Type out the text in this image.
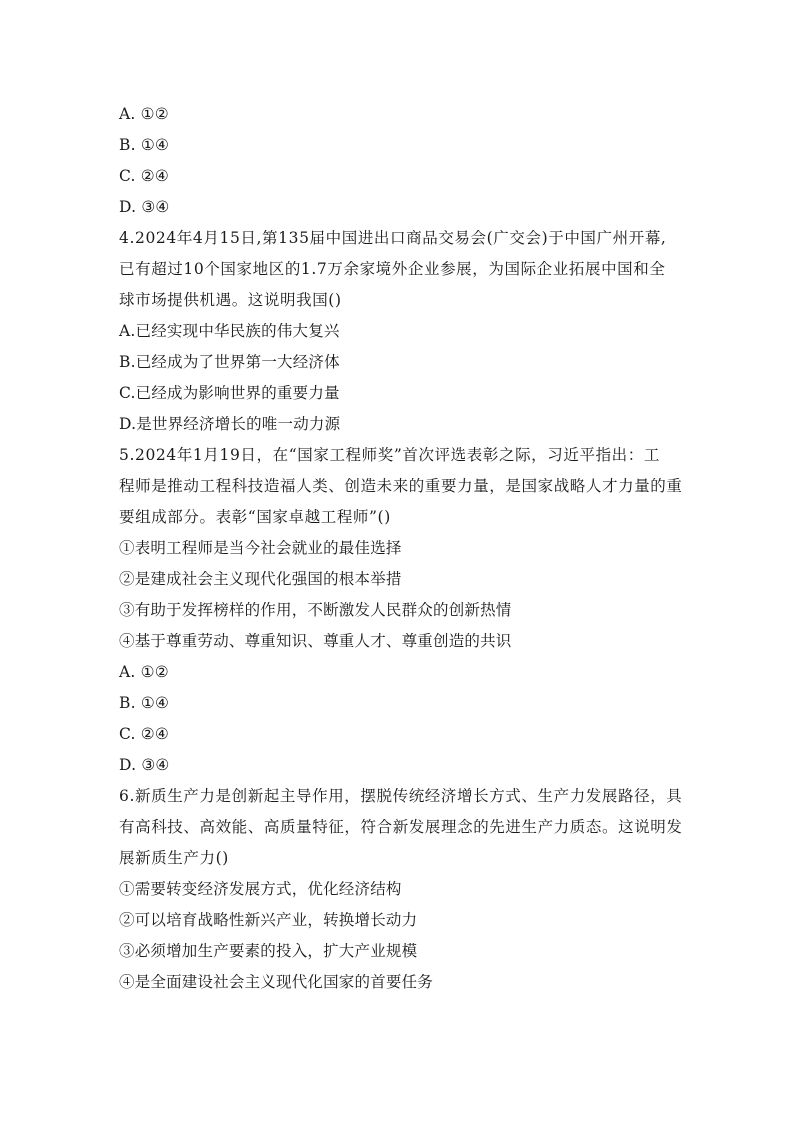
A. ①②
B. ①④
C. ②④
D. ③④
4.2024年4月15日,第135届中国进出口商品交易会(广交会)于中国广州开幕,
已有超过10个国家地区的1.7万余家境外企业参展，为国际企业拓展中国和全
球市场提供机遇。这说明我国()
A.已经实现中华民族的伟大复兴
B.已经成为了世界第一大经济体
C.已经成为影响世界的重要力量
D.是世界经济增长的唯一动力源
5.2024年1月19日，在“国家工程师奖”首次评选表彰之际，习近平指出：工
程师是推动工程科技造福人类、创造未来的重要力量，是国家战略人才力量的重
要组成部分。表彰“国家卓越工程师”()
①表明工程师是当今社会就业的最佳选择
②是建成社会主义现代化强国的根本举措
③有助于发挥榜样的作用，不断激发人民群众的创新热情
④基于尊重劳动、尊重知识、尊重人才、尊重创造的共识
A. ①②
B. ①④
C. ②④
D. ③④
6.新质生产力是创新起主导作用，摆脱传统经济增长方式、生产力发展路径，具
有高科技、高效能、高质量特征，符合新发展理念的先进生产力质态。这说明发
展新质生产力()
①需要转变经济发展方式，优化经济结构
②可以培育战略性新兴产业，转换增长动力
③必须增加生产要素的投入，扩大产业规模
④是全面建设社会主义现代化国家的首要任务
